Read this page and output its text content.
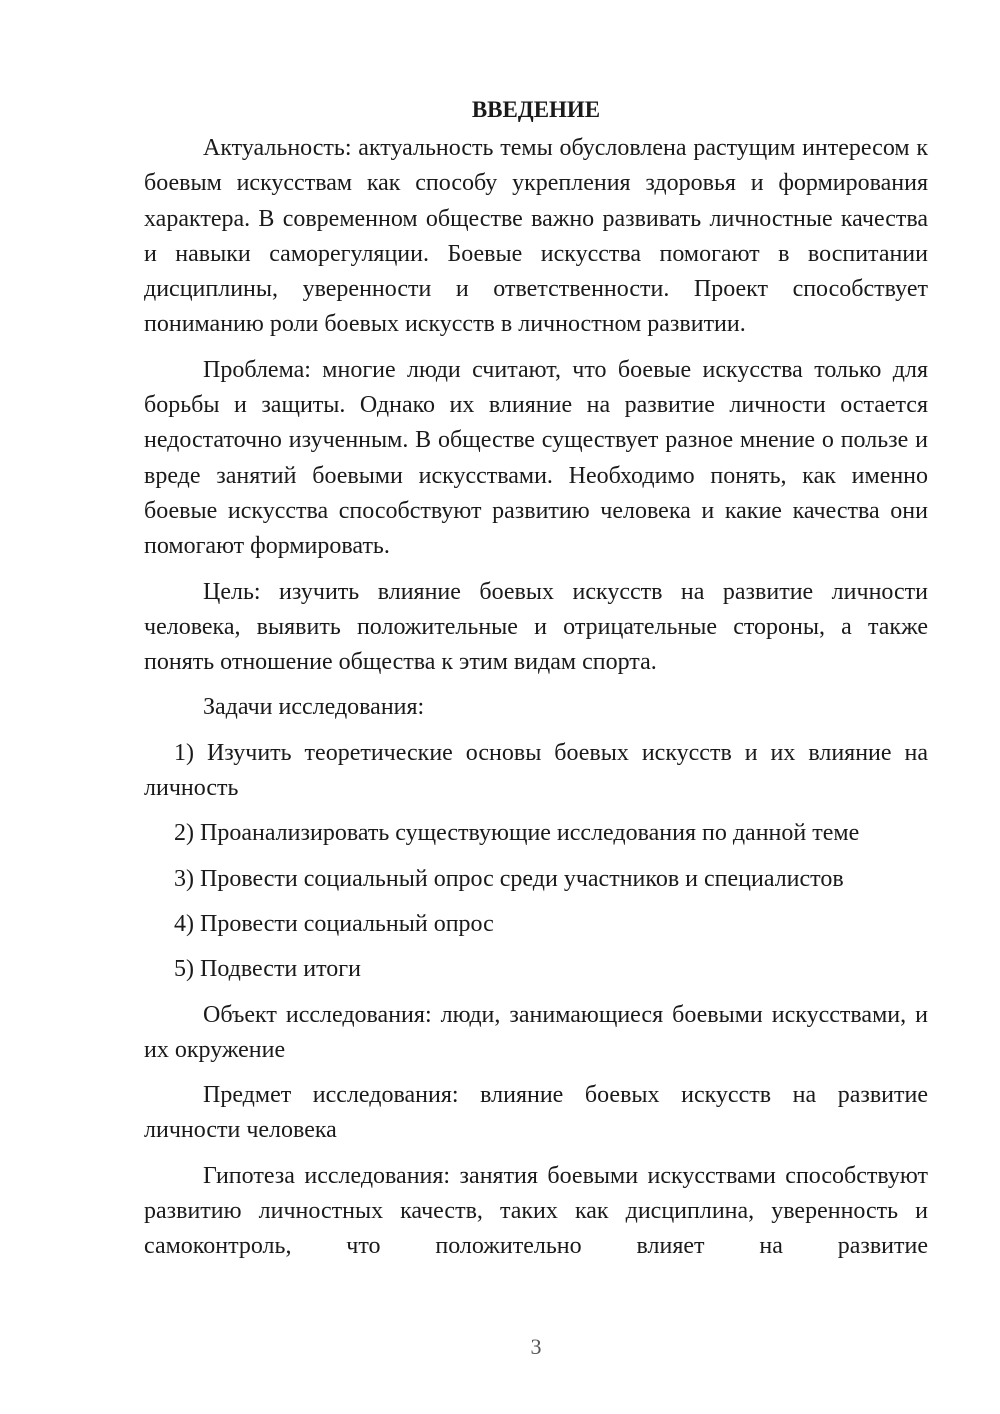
ВВЕДЕНИЕ

Актуальность: актуальность темы обусловлена растущим интересом к боевым искусствам как способу укрепления здоровья и формирования характера. В современном обществе важно развивать личностные качества и навыки саморегуляции. Боевые искусства помогают в воспитании дисциплины, уверенности и ответственности. Проект способствует пониманию роли боевых искусств в личностном развитии.

Проблема: многие люди считают, что боевые искусства только для борьбы и защиты. Однако их влияние на развитие личности остается недостаточно изученным. В обществе существует разное мнение о пользе и вреде занятий боевыми искусствами. Необходимо понять, как именно боевые искусства способствуют развитию человека и какие качества они помогают формировать.

Цель: изучить влияние боевых искусств на развитие личности человека, выявить положительные и отрицательные стороны, а также понять отношение общества к этим видам спорта.

Задачи исследования:

1) Изучить теоретические основы боевых искусств и их влияние на личность
2) Проанализировать существующие исследования по данной теме
3) Провести социальный опрос среди участников и специалистов
4) Провести социальный опрос
5) Подвести итоги

Объект исследования: люди, занимающиеся боевыми искусствами, и их окружение

Предмет исследования: влияние боевых искусств на развитие личности человека

Гипотеза исследования: занятия боевыми искусствами способствуют развитию личностных качеств, таких как дисциплина, уверенность и самоконтроль, что положительно влияет на развитие

3
